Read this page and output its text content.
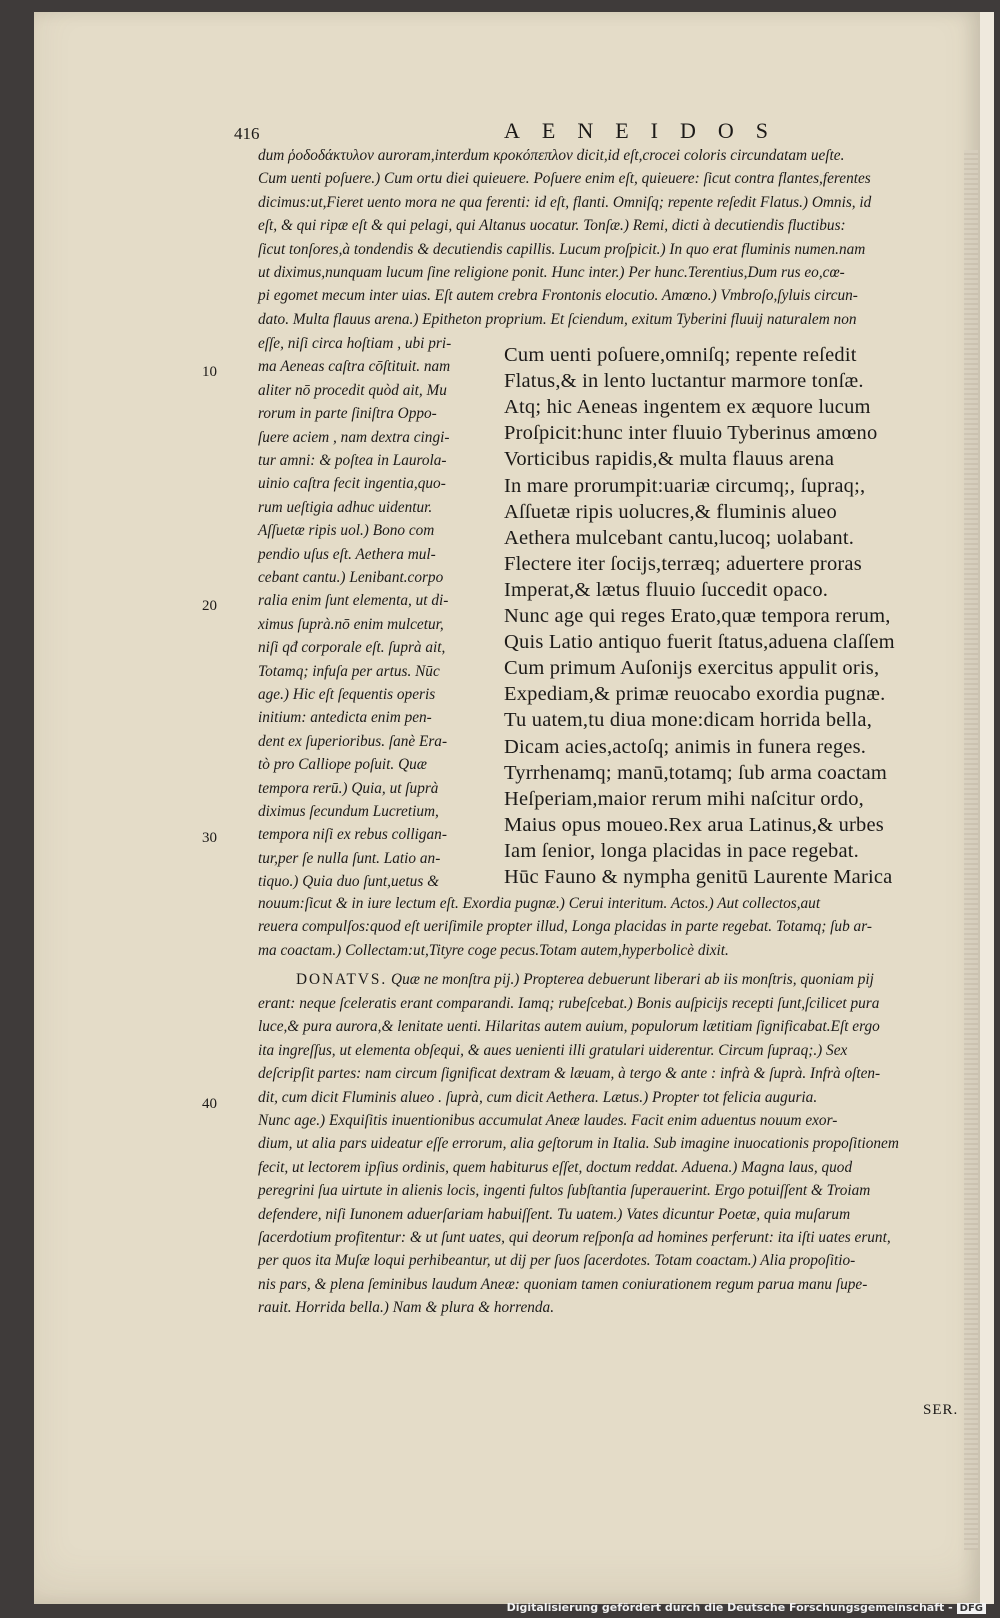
416	AENEIDOS
dum ῥοδοδάκτυλον auroram,interdum κροκόπεπλον dicit,id eſt,crocei coloris circundatam ueſte.
Cum uenti poſuere.) Cum ortu diei quieuere. Poſuere enim eſt, quieuere: ſicut contra flantes,ferentes
dicimus:ut,Fieret uento mora ne qua ferenti: id eſt, flanti. Omniſq; repente reſedit Flatus.) Omnis, id
eſt, & qui ripæ eſt & qui pelagi, qui Altanus uocatur. Tonſæ.) Remi, dicti à decutiendis fluctibus:
ſicut tonſores,à tondendis & decutiendis capillis. Lucum proſpicit.) In quo erat fluminis numen.nam
ut diximus,nunquam lucum ſine religione ponit. Hunc inter.) Per hunc.Terentius,Dum rus eo,cœ-
pi egomet mecum inter uias. Eſt autem crebra Frontonis elocutio. Amœno.) Vmbroſo,ſyluis circun-
dato. Multa flauus arena.) Epitheton proprium. Et ſciendum, exitum Tyberini fluuij naturalem non
eſſe, niſi circa hoſtiam , ubi pri-
ma Aeneas caſtra cōſtituit. nam
aliter nō procedit quòd ait, Mu
rorum in parte ſiniſtra Oppo-
ſuere aciem , nam dextra cingi-
tur amni: & poſtea in Laurola-
uinio caſtra fecit ingentia,quo-
rum ueſtigia adhuc uidentur.
Aſſuetæ ripis uol.) Bono com
pendio uſus eſt. Aethera mul-
cebant cantu.) Lenibant.corpo
ralia enim ſunt elementa, ut di-
ximus ſuprà.nō enim mulcetur,
niſi qđ corporale eſt. ſuprà ait,
Totamq; infuſa per artus. Nūc
age.) Hic eſt ſequentis operis
initium: antedicta enim pen-
dent ex ſuperioribus. ſanè Era-
tò pro Calliope poſuit. Quæ
tempora rerū.) Quia, ut ſuprà
diximus ſecundum Lucretium,
tempora niſi ex rebus colligan-
tur,per ſe nulla ſunt. Latio an-
tiquo.) Quia duo ſunt,uetus &
Cum uenti poſuere,omniſq; repente reſedit
Flatus,& in lento luctantur marmore tonſæ.
Atq; hic Aeneas ingentem ex æquore lucum
Proſpicit:hunc inter fluuio Tyberinus amœno
Vorticibus rapidis,& multa flauus arena
In mare prorumpit:uariæ circumq;, ſupraq;,
Aſſuetæ ripis uolucres,& fluminis alueo
Aethera mulcebant cantu,lucoq; uolabant.
Flectere iter ſocijs,terræq; aduertere proras
Imperat,& lætus fluuio ſuccedit opaco.
Nunc age qui reges Erato,quæ tempora rerum,
Quis Latio antiquo fuerit ſtatus,aduena claſſem
Cum primum Auſonijs exercitus appulit oris,
Expediam,& primæ reuocabo exordia pugnæ.
Tu uatem,tu diua mone:dicam horrida bella,
Dicam acies,actoſq; animis in funera reges.
Tyrrhenamq; manū,totamq; ſub arma coactam
Heſperiam,maior rerum mihi naſcitur ordo,
Maius opus moueo.Rex arua Latinus,& urbes
Iam ſenior, longa placidas in pace regebat.
Hūc Fauno & nympha genitū Laurente Marica
nouum:ſicut & in iure lectum eſt. Exordia pugnæ.) Cerui interitum. Actos.) Aut collectos,aut
reuera compulſos:quod eſt ueriſimile propter illud, Longa placidas in parte regebat. Totamq; ſub ar-
ma coactam.) Collectam:ut,Tityre coge pecus.Totam autem,hyperbolicè dixit.
DONATVS. Quæ ne monſtra pij.) Propterea debuerunt liberari ab iis monſtris, quoniam pij
erant: neque ſceleratis erant comparandi. Iamq; rubeſcebat.) Bonis auſpicijs recepti ſunt,ſcilicet pura
luce,& pura aurora,& lenitate uenti. Hilaritas autem auium, populorum lætitiam ſignificabat.Eſt ergo
ita ingreſſus, ut elementa obſequi, & aues uenienti illi gratulari uiderentur. Circum ſupraq;.) Sex
deſcripſit partes: nam circum ſignificat dextram & læuam, à tergo & ante : infrà & ſuprà. Infrà oſten-
dit, cum dicit Fluminis alueo . ſuprà, cum dicit Aethera. Lætus.) Propter tot felicia auguria.
Nunc age.) Exquiſitis inuentionibus accumulat Aneæ laudes. Facit enim aduentus nouum exor-
dium, ut alia pars uideatur eſſe errorum, alia geſtorum in Italia. Sub imagine inuocationis propoſitionem
fecit, ut lectorem ipſius ordinis, quem habiturus eſſet, doctum reddat. Aduena.) Magna laus, quod
peregrini ſua uirtute in alienis locis, ingenti fultos ſubſtantia ſuperauerint. Ergo potuiſſent & Troiam
defendere, niſi Iunonem aduerſariam habuiſſent. Tu uatem.) Vates dicuntur Poetæ, quia muſarum
ſacerdotium profitentur: & ut ſunt uates, qui deorum reſponſa ad homines perferunt: ita iſti uates erunt,
per quos ita Muſæ loqui perhibeantur, ut dij per ſuos ſacerdotes. Totam coactam.) Alia propoſitio-
nis pars, & plena ſeminibus laudum Aneæ: quoniam tamen coniurationem regum parua manu ſupe-
rauit. Horrida bella.) Nam & plura & horrenda.
10
20
30
40
SER.
Digitalisierung gefördert durch die Deutsche Forschungsgemeinschaft - DFG
